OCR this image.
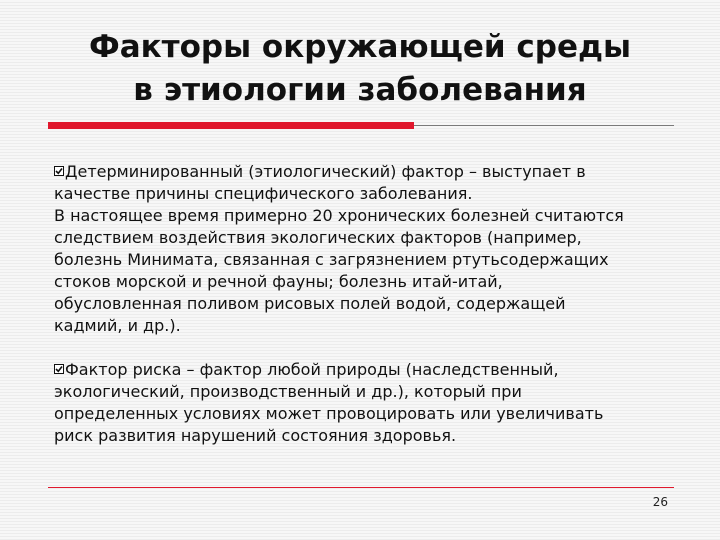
Факторы окружающей среды
в этиологии заболевания
Детерминированный (этиологический) фактор – выступает в
качестве причины специфического заболевания.
В настоящее время примерно 20 хронических болезней считаются
следствием воздействия экологических факторов (например,
болезнь Минимата, связанная с загрязнением ртутьсодержащих
стоков морской и речной фауны; болезнь итай-итай,
обусловленная поливом рисовых полей водой, содержащей
кадмий, и др.).
Фактор риска – фактор любой природы (наследственный,
экологический, производственный и др.), который при
определенных условиях может провоцировать или увеличивать
риск развития нарушений состояния здоровья.
26
